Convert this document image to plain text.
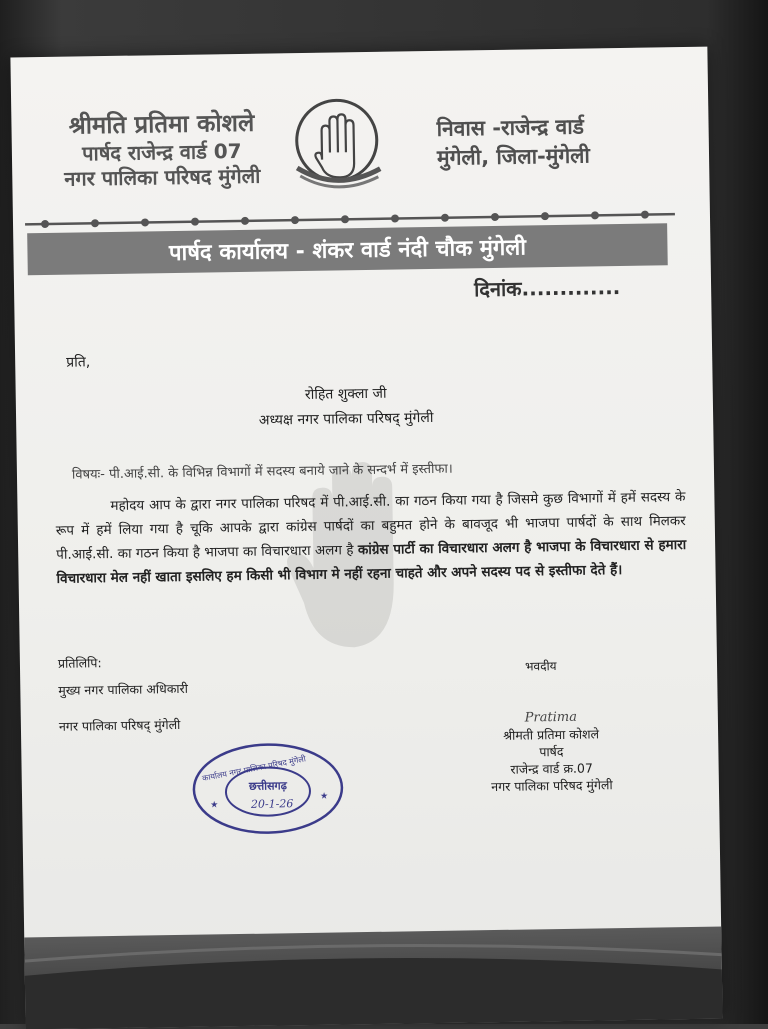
श्रीमति प्रतिमा कोशले
पार्षद राजेन्द्र वार्ड 07
नगर पालिका परिषद मुंगेली
निवास -राजेन्द्र वार्ड
मुंगेली, जिला-मुंगेली
पार्षद कार्यालय - शंकर वार्ड नंदी चौक मुंगेली
दिनांक.............
प्रति,
रोहित शुक्ला जी
अध्यक्ष नगर पालिका परिषद् मुंगेली
विषयः- पी.आई.सी. के विभिन्न विभागों में सदस्य बनाये जाने के सन्दर्भ में इस्तीफा।
महोदय आप के द्वारा नगर पालिका परिषद में पी.आई.सी. का गठन किया गया है जिसमे कुछ विभागों में हमें सदस्य के रूप में हमें लिया गया है चूकि आपके द्वारा कांग्रेस पार्षदों का बहुमत होने के बावजूद भी भाजपा पार्षदों के साथ मिलकर पी.आई.सी. का गठन किया है भाजपा का विचारधारा अलग है कांग्रेस पार्टी का विचारधारा अलग है भाजपा के विचारधारा से हमारा विचारधारा मेल नहीं खाता इसलिए हम किसी भी विभाग मे नहीं रहना चाहते और अपने सदस्य पद से इस्तीफा देते हैं।
प्रतिलिपि:
मुख्य नगर पालिका अधिकारी
नगर पालिका परिषद् मुंगेली
भवदीय
Pratima
श्रीमती प्रतिमा कोशले
पार्षद
राजेन्द्र वार्ड क्र.07
नगर पालिका परिषद मुंगेली
कार्यालय नगर पालिका परिषद मुंगेली
छत्तीसगढ़
20-1-26
★
★
